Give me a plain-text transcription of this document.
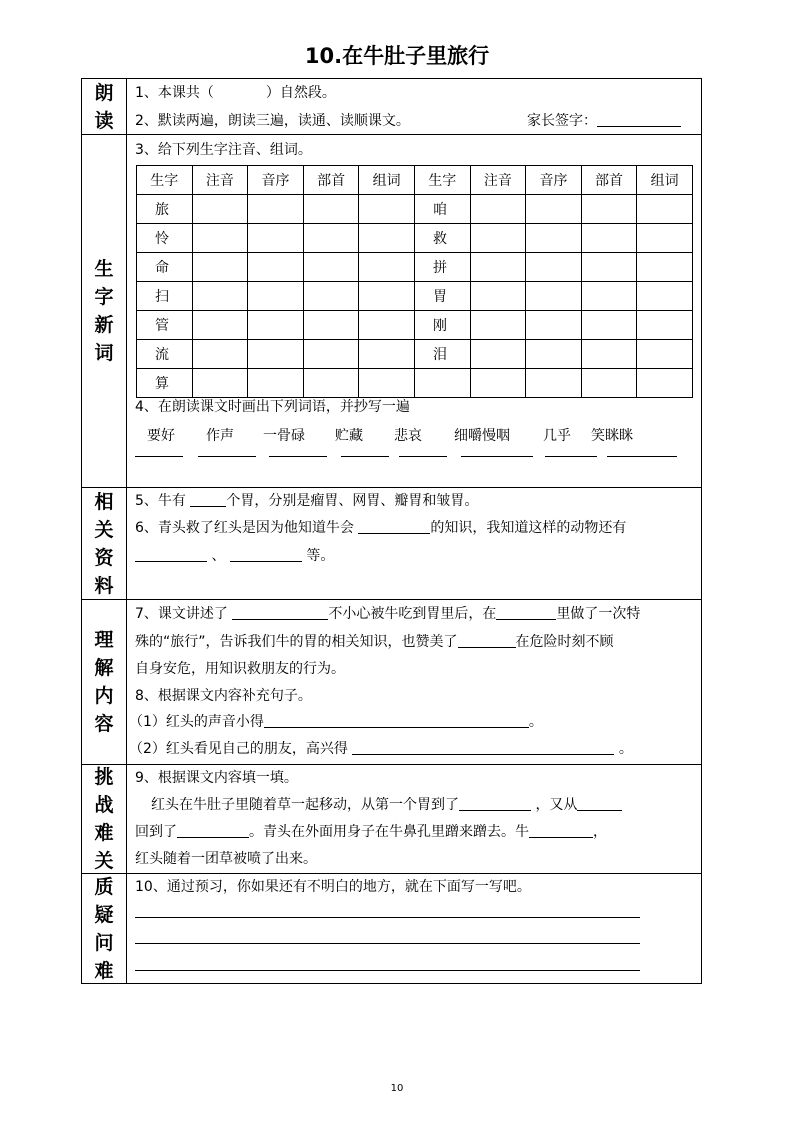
10.在牛肚子里旅行
朗读
1、本课共（	）自然段。
2、默读两遍，朗读三遍，读通、读顺课文。	家长签字：
生字新词
3、给下列生字注音、组词。
生字	注音	音序	部首	组词	生字	注音	音序	部首	组词
旅					咱				
怜					救				
命					拼				
扫					胃				
管					刚				
流					泪				
算									
4、在朗读课文时画出下列词语，并抄写一遍
要好 作声 一骨碌 贮藏 悲哀 细嚼慢咽 几乎 笑眯眯
相关资料
5、牛有	个胃，分别是瘤胃、网胃、瓣胃和皱胃。
6、青头救了红头是因为他知道牛会	的知识，我知道这样的动物还有
、	等。
理解内容
7、课文讲述了	不小心被牛吃到胃里后，在	里做了一次特
殊的“旅行”，告诉我们牛的胃的相关知识，也赞美了	在危险时刻不顾
自身安危，用知识救朋友的行为。
8、根据课文内容补充句子。
（1）红头的声音小得	。
（2）红头看见自己的朋友，高兴得	。
挑战难关
9、根据课文内容填一填。
红头在牛肚子里随着草一起移动，从第一个胃到了	，又从
回到了	。青头在外面用身子在牛鼻孔里蹭来蹭去。牛	，
红头随着一团草被喷了出来。
质疑问难
10、通过预习，你如果还有不明白的地方，就在下面写一写吧。
10
